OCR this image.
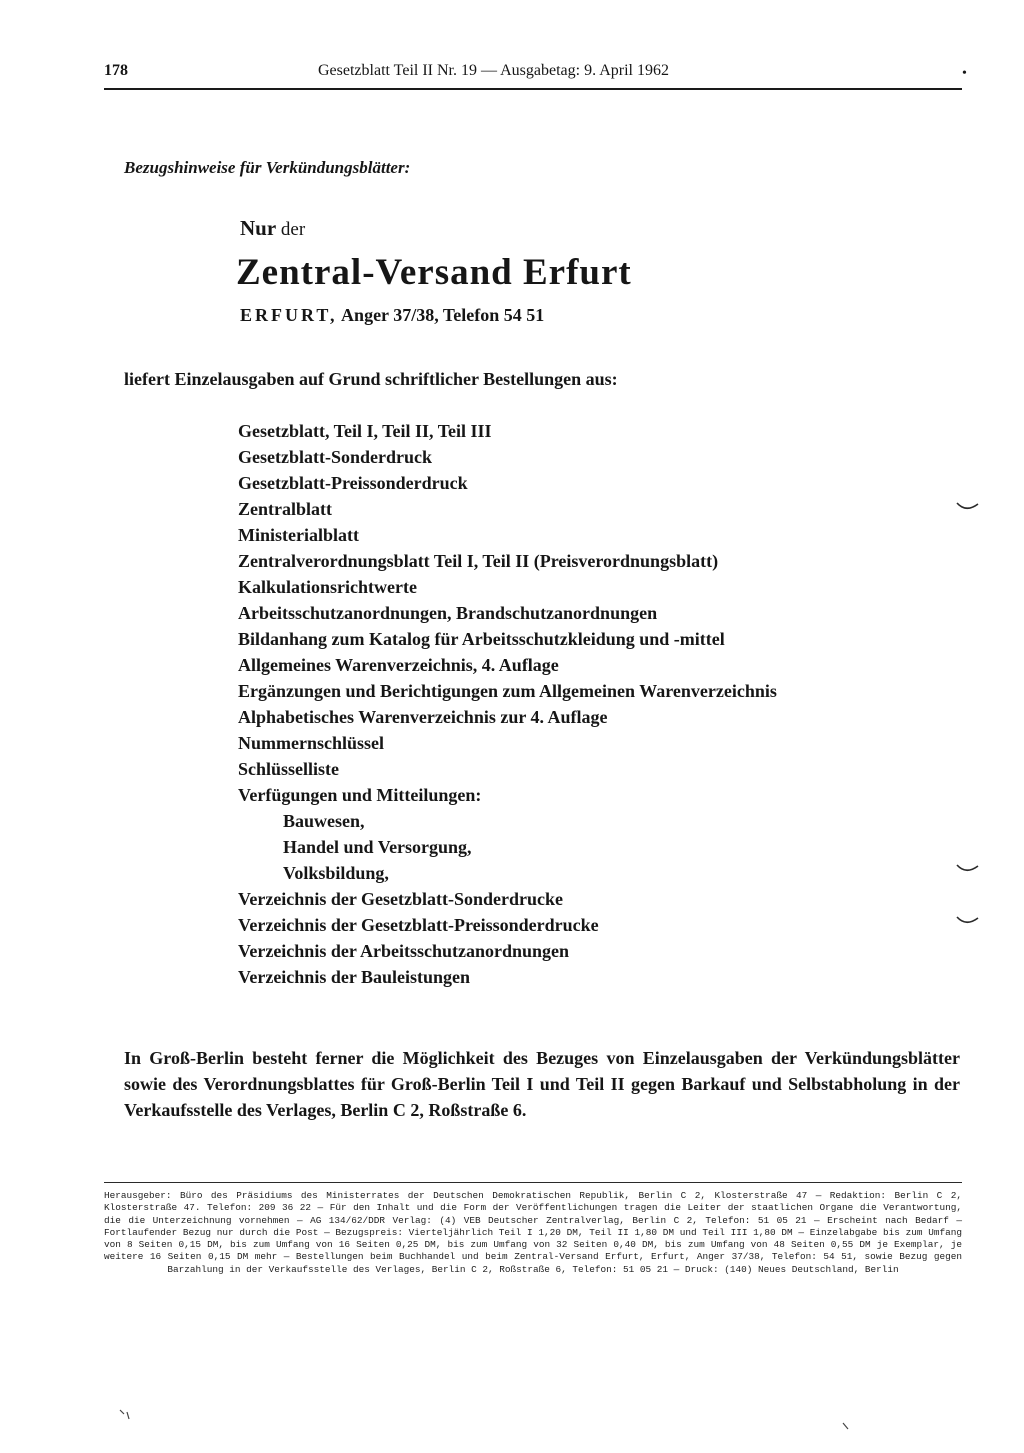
178	Gesetzblatt Teil II Nr. 19 — Ausgabetag: 9. April 1962	•
Bezugshinweise für Verkündungsblätter:
Nur der
Zentral-Versand Erfurt
ERFURT, Anger 37/38, Telefon 54 51
liefert Einzelausgaben auf Grund schriftlicher Bestellungen aus:
Gesetzblatt, Teil I, Teil II, Teil III
Gesetzblatt-Sonderdruck
Gesetzblatt-Preissonderdruck
Zentralblatt
Ministerialblatt
Zentralverordnungsblatt Teil I, Teil II (Preisverordnungsblatt)
Kalkulationsrichtwerte
Arbeitsschutzanordnungen, Brandschutzanordnungen
Bildanhang zum Katalog für Arbeitsschutzkleidung und -mittel
Allgemeines Warenverzeichnis, 4. Auflage
Ergänzungen und Berichtigungen zum Allgemeinen Warenverzeichnis
Alphabetisches Warenverzeichnis zur 4. Auflage
Nummernschlüssel
Schlüsselliste
Verfügungen und Mitteilungen:
Bauwesen,
Handel und Versorgung,
Volksbildung,
Verzeichnis der Gesetzblatt-Sonderdrucke
Verzeichnis der Gesetzblatt-Preissonderdrucke
Verzeichnis der Arbeitsschutzanordnungen
Verzeichnis der Bauleistungen

In Groß-Berlin besteht ferner die Möglichkeit des Bezuges von Einzelausgaben der Verkündungsblätter sowie des Verordnungsblattes für Groß-Berlin Teil I und Teil II gegen Barkauf und Selbstabholung in der Verkaufsstelle des Verlages, Berlin C 2, Roßstraße 6.

Herausgeber: Büro des Präsidiums des Ministerrates der Deutschen Demokratischen Republik, Berlin C 2, Klosterstraße 47 — Redaktion: Berlin C 2, Klosterstraße 47. Telefon: 209 36 22 — Für den Inhalt und die Form der Veröffentlichungen tragen die Leiter der staatlichen Organe die Verantwortung, die die Unterzeichnung vornehmen — AG 134/62/DDR Verlag: (4) VEB Deutscher Zentralverlag, Berlin C 2, Telefon: 51 05 21 — Erscheint nach Bedarf — Fortlaufender Bezug nur durch die Post — Bezugspreis: Vierteljährlich Teil I 1,20 DM, Teil II 1,80 DM und Teil III 1,80 DM — Einzelabgabe bis zum Umfang von 8 Seiten 0,15 DM, bis zum Umfang von 16 Seiten 0,25 DM, bis zum Umfang von 32 Seiten 0,40 DM, bis zum Umfang von 48 Seiten 0,55 DM je Exemplar, je weitere 16 Seiten 0,15 DM mehr — Bestellungen beim Buchhandel und beim Zentral-Versand Erfurt, Erfurt, Anger 37/38, Telefon: 54 51, sowie Bezug gegen Barzahlung in der Verkaufsstelle des Verlages, Berlin C 2, Roßstraße 6, Telefon: 51 05 21 — Druck: (140) Neues Deutschland, Berlin
